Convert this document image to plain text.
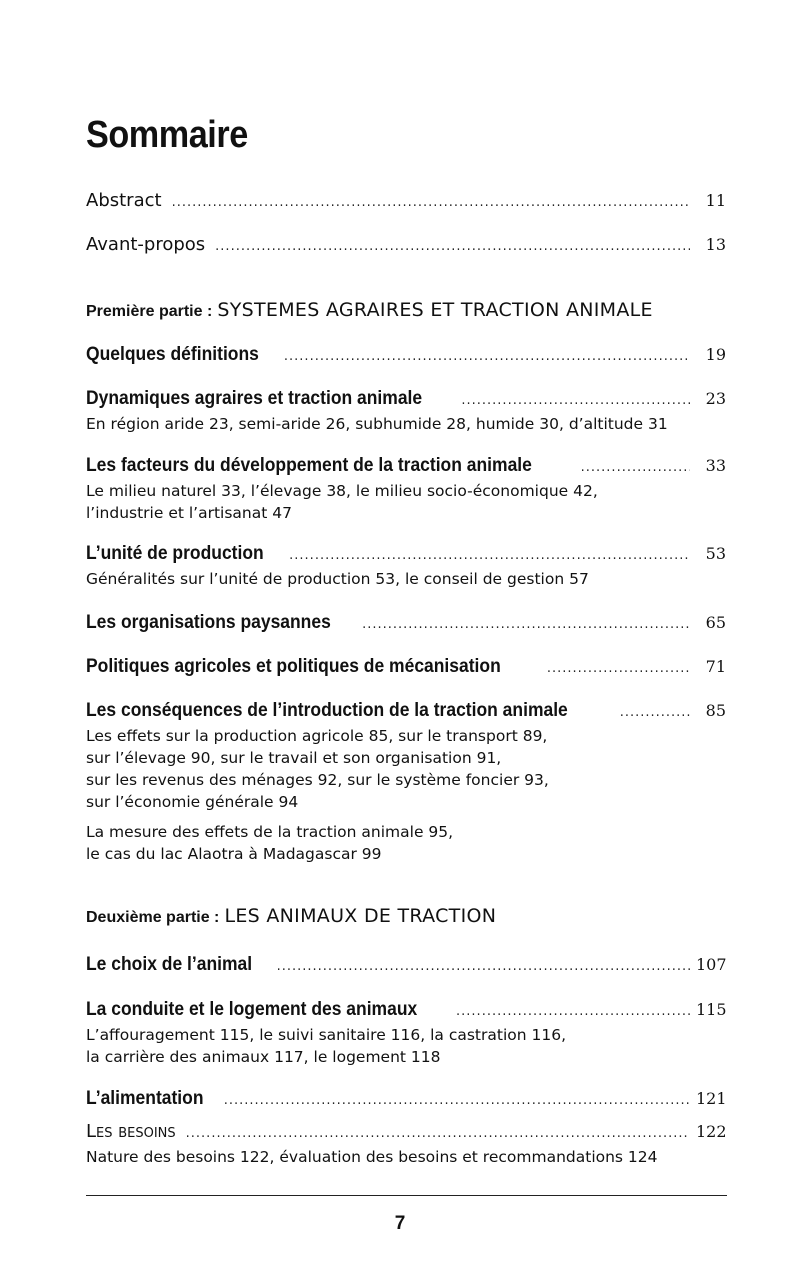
Sommaire
Abstract .....	11
Avant-propos .....	13
Première partie : SYSTEMES AGRAIRES ET TRACTION ANIMALE
Quelques définitions .....	19
Dynamiques agraires et traction animale .....	23
En région aride 23, semi-aride 26, subhumide 28, humide 30, d’altitude 31
Les facteurs du développement de la traction animale .....	33
Le milieu naturel 33, l’élevage 38, le milieu socio-économique 42,
l’industrie et l’artisanat 47
L’unité de production .....	53
Généralités sur l’unité de production 53, le conseil de gestion 57
Les organisations paysannes .....	65
Politiques agricoles et politiques de mécanisation .....	71
Les conséquences de l’introduction de la traction animale .....	85
Les effets sur la production agricole 85, sur le transport 89,
sur l’élevage 90, sur le travail et son organisation 91,
sur les revenus des ménages 92, sur le système foncier 93,
sur l’économie générale 94
La mesure des effets de la traction animale 95,
le cas du lac Alaotra à Madagascar 99
Deuxième partie : LES ANIMAUX DE TRACTION
Le choix de l’animal .....	107
La conduite et le logement des animaux .....	115
L’affouragement 115, le suivi sanitaire 116, la castration 116,
la carrière des animaux 117, le logement 118
L’alimentation .....	121
Les besoins .....	122
Nature des besoins 122, évaluation des besoins et recommandations 124
7
